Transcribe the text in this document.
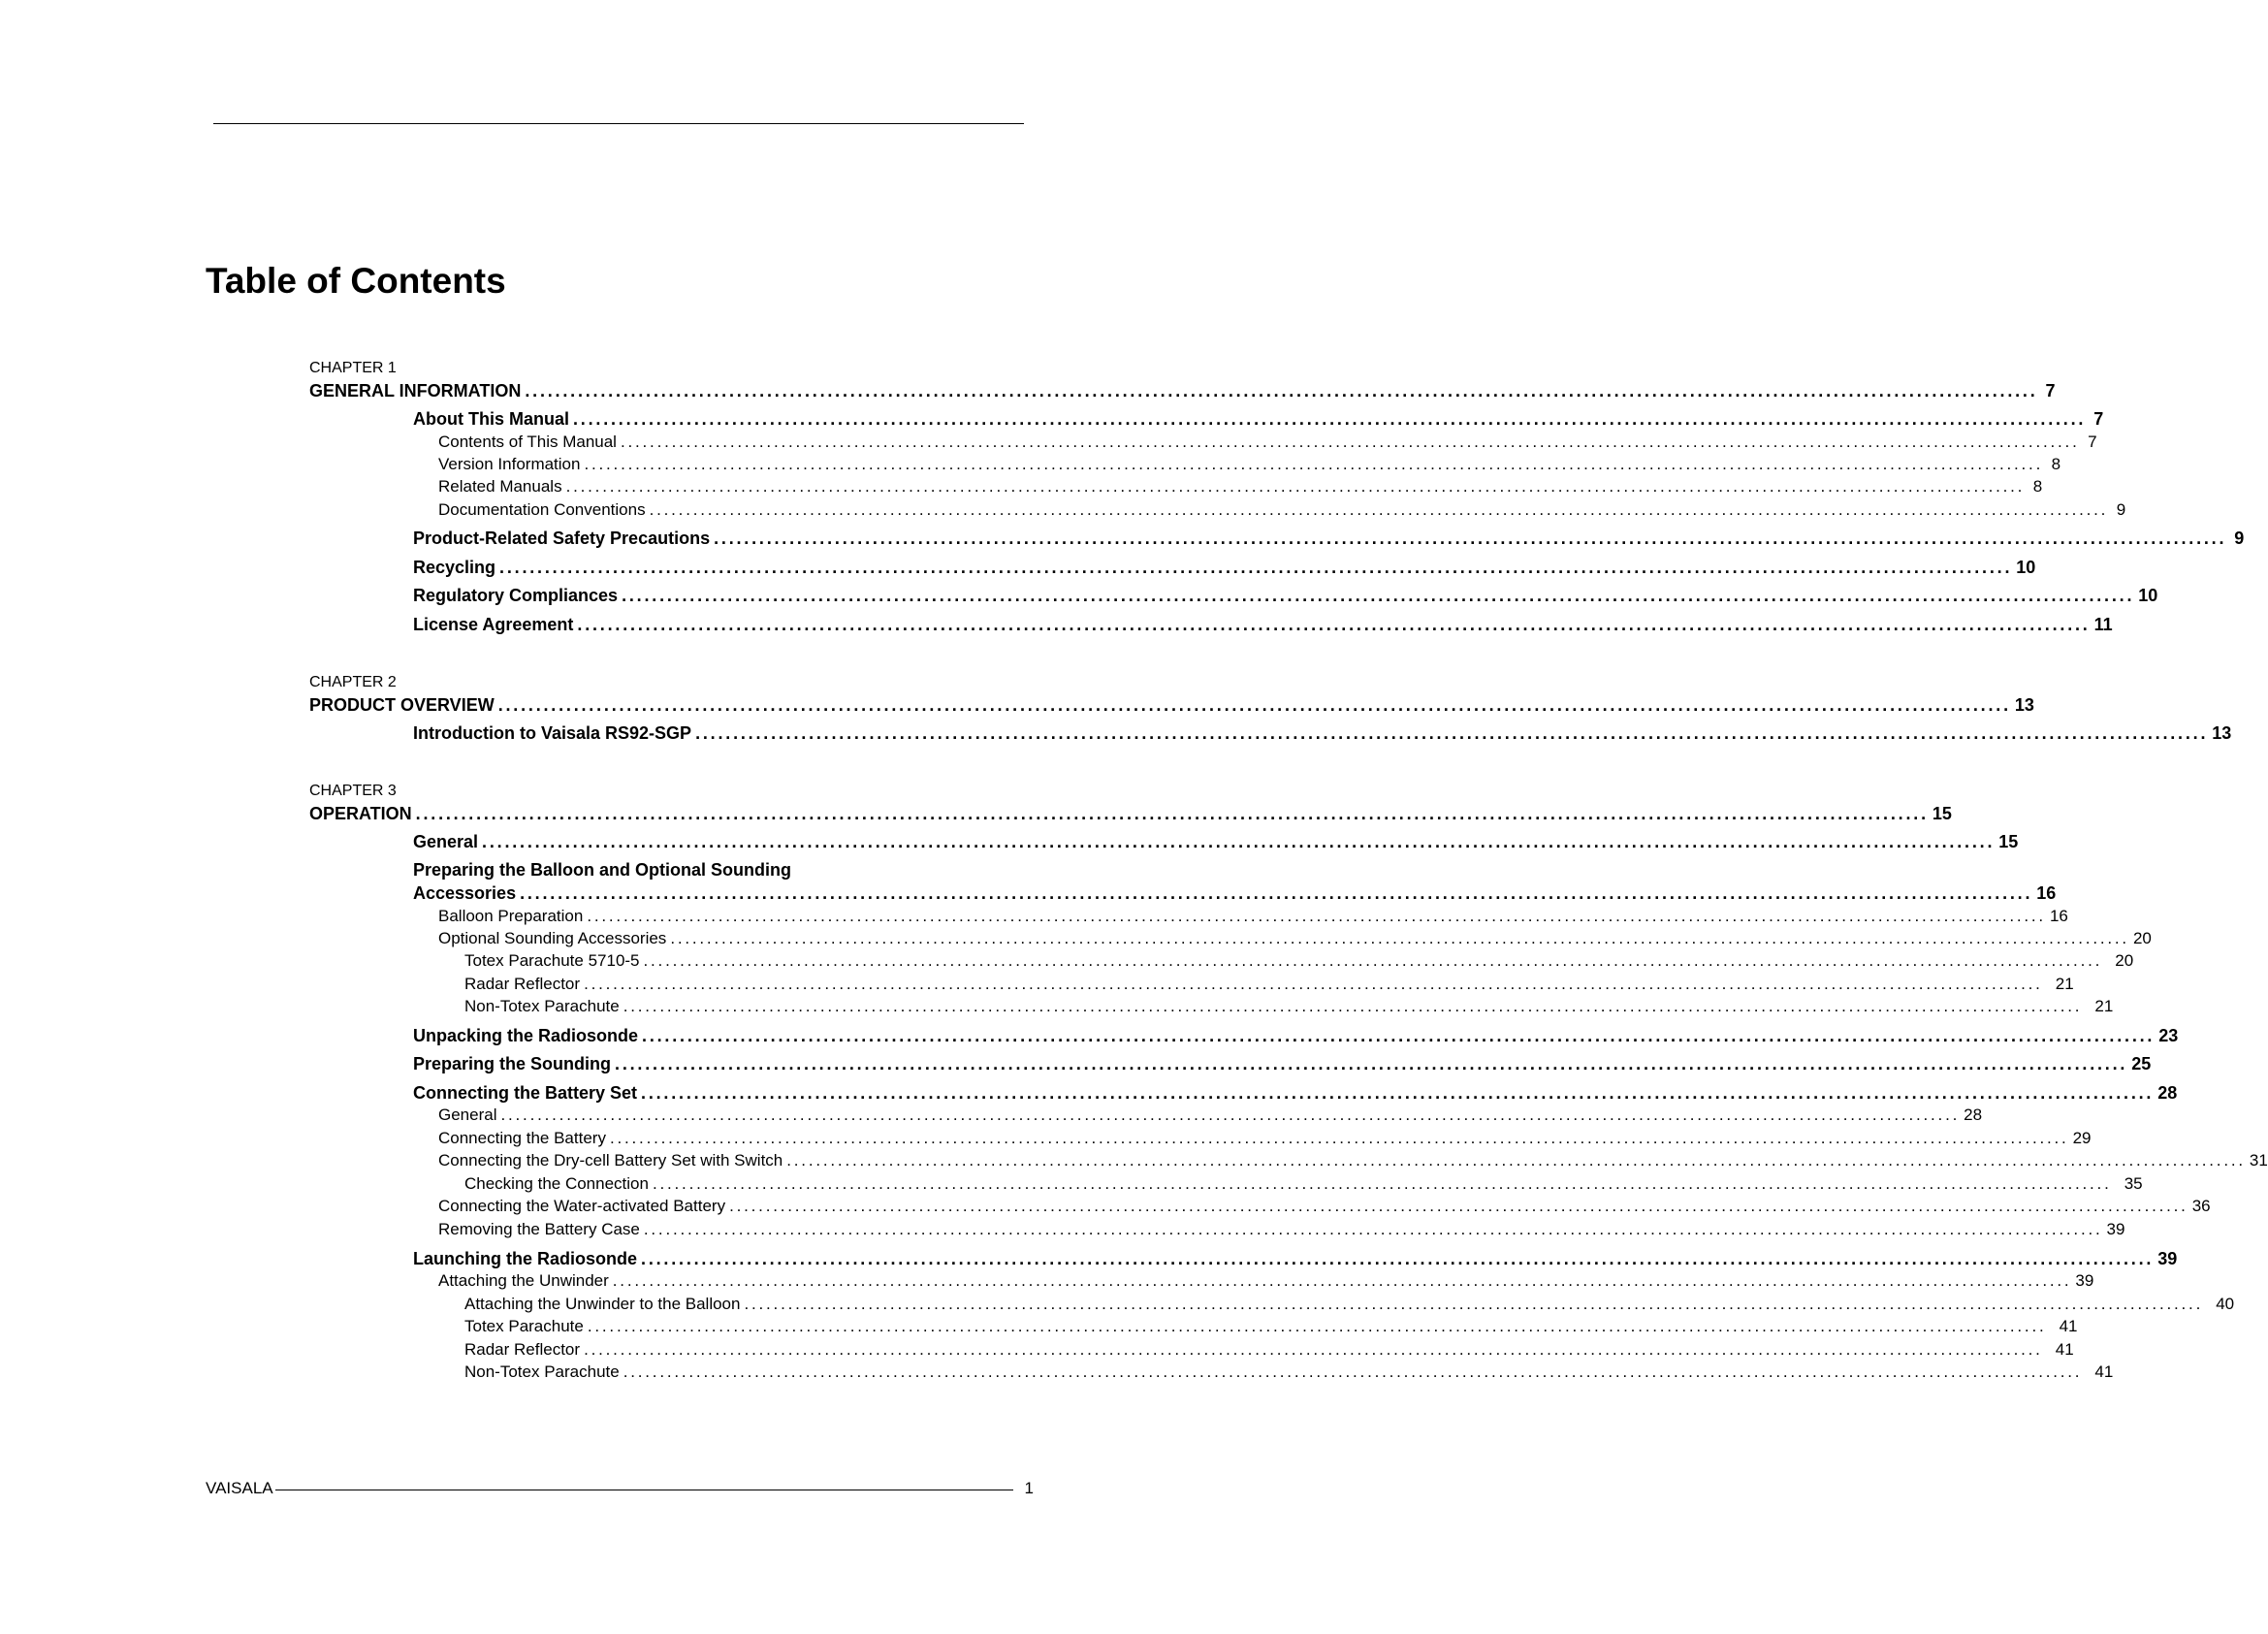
Table of Contents
CHAPTER 1
GENERAL INFORMATION ........................................................................................................................................................................................................ 7
About This Manual ........................................................................................................................................................................................................ 7
Contents of This Manual ........................................................................................................................................................................................................ 7
Version Information ........................................................................................................................................................................................................ 8
Related Manuals ........................................................................................................................................................................................................ 8
Documentation Conventions ........................................................................................................................................................................................................ 9
Product-Related Safety Precautions ........................................................................................................................................................................................................ 9
Recycling ........................................................................................................................................................................................................ 10
Regulatory Compliances ........................................................................................................................................................................................................ 10
License Agreement ........................................................................................................................................................................................................ 11
CHAPTER 2
PRODUCT OVERVIEW ........................................................................................................................................................................................................ 13
Introduction to Vaisala RS92-SGP ........................................................................................................................................................................................................ 13
CHAPTER 3
OPERATION ........................................................................................................................................................................................................ 15
General ........................................................................................................................................................................................................ 15
Preparing the Balloon and Optional Sounding
Accessories ........................................................................................................................................................................................................ 16
Balloon Preparation ........................................................................................................................................................................................................ 16
Optional Sounding Accessories ........................................................................................................................................................................................................ 20
Totex Parachute 5710-5 ........................................................................................................................................................................................................ 20
Radar Reflector ........................................................................................................................................................................................................ 21
Non-Totex Parachute ........................................................................................................................................................................................................ 21
Unpacking the Radiosonde ........................................................................................................................................................................................................ 23
Preparing the Sounding ........................................................................................................................................................................................................ 25
Connecting the Battery Set ........................................................................................................................................................................................................ 28
General ........................................................................................................................................................................................................ 28
Connecting the Battery ........................................................................................................................................................................................................ 29
Connecting the Dry-cell Battery Set with Switch ........................................................................................................................................................................................................ 31
Checking the Connection ........................................................................................................................................................................................................ 35
Connecting the Water-activated Battery ........................................................................................................................................................................................................ 36
Removing the Battery Case ........................................................................................................................................................................................................ 39
Launching the Radiosonde ........................................................................................................................................................................................................ 39
Attaching the Unwinder ........................................................................................................................................................................................................ 39
Attaching the Unwinder to the Balloon ........................................................................................................................................................................................................ 40
Totex Parachute ........................................................................................................................................................................................................ 41
Radar Reflector ........................................................................................................................................................................................................ 41
Non-Totex Parachute ........................................................................................................................................................................................................ 41
VAISALA	1
